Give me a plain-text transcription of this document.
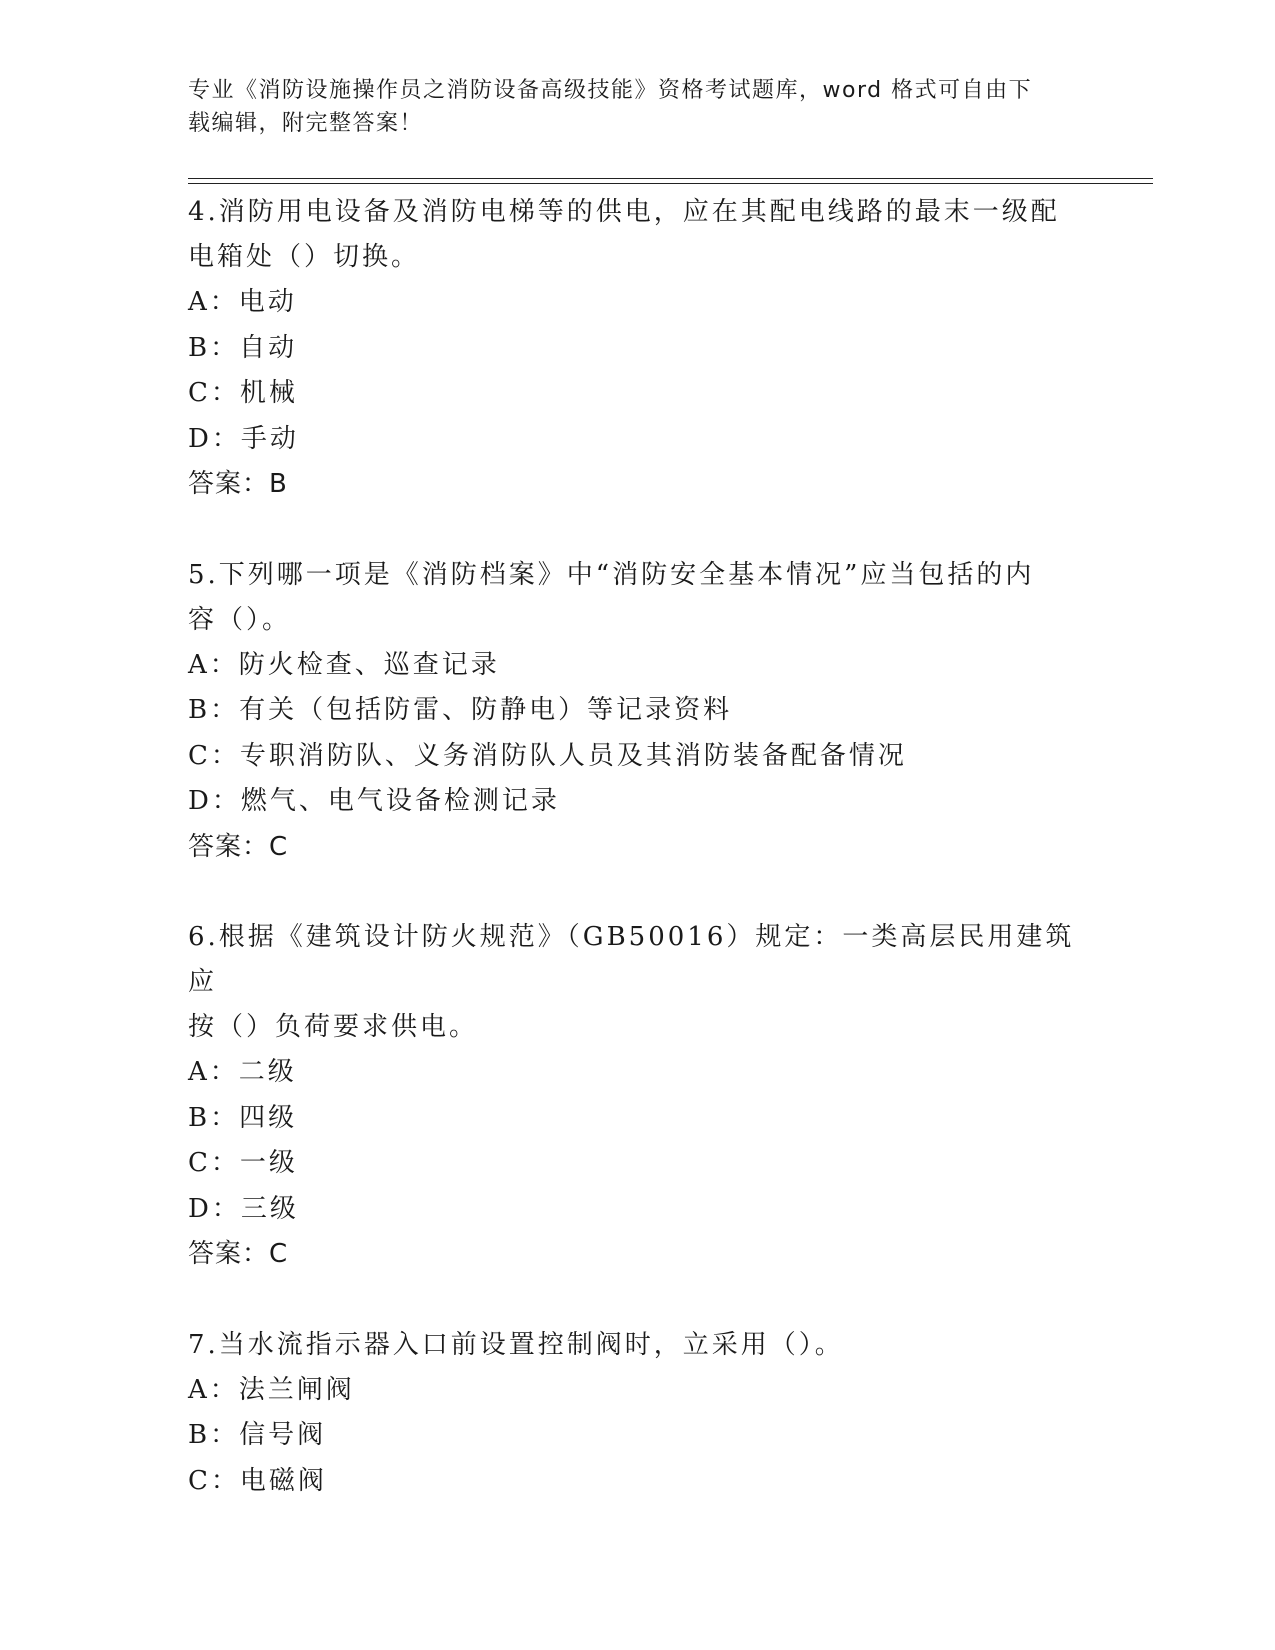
专业《消防设施操作员之消防设备高级技能》资格考试题库，word 格式可自由下
载编辑，附完整答案！
4.消防用电设备及消防电梯等的供电，应在其配电线路的最末一级配
电箱处（）切换。
A：电动
B：自动
C：机械
D：手动
答案：B
5.下列哪一项是《消防档案》中“消防安全基本情况”应当包括的内
容（）。
A：防火检查、巡查记录
B：有关（包括防雷、防静电）等记录资料
C：专职消防队、义务消防队人员及其消防装备配备情况
D：燃气、电气设备检测记录
答案：C
6.根据《建筑设计防火规范》（GB50016）规定：一类高层民用建筑应
按（）负荷要求供电。
A：二级
B：四级
C：一级
D：三级
答案：C
7.当水流指示器入口前设置控制阀时，立采用（）。
A：法兰闸阀
B：信号阀
C：电磁阀
